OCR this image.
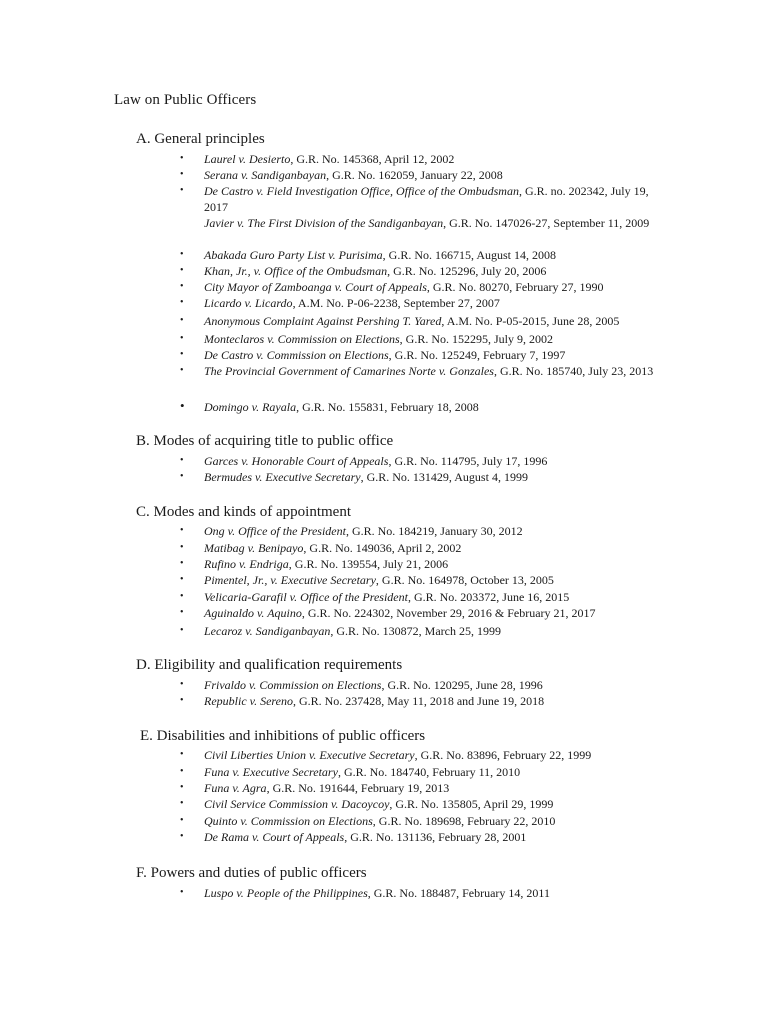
Law on Public Officers
A. General principles
• Laurel v. Desierto, G.R. No. 145368, April 12, 2002
• Serana v. Sandiganbayan, G.R. No. 162059, January 22, 2008
• De Castro v. Field Investigation Office, Office of the Ombudsman, G.R. no. 202342, July 19, 2017
Javier v. The First Division of the Sandiganbayan, G.R. No. 147026-27, September 11, 2009
• Abakada Guro Party List v. Purisima, G.R. No. 166715, August 14, 2008
• Khan, Jr., v. Office of the Ombudsman, G.R. No. 125296, July 20, 2006
• City Mayor of Zamboanga v. Court of Appeals, G.R. No. 80270, February 27, 1990
• Licardo v. Licardo, A.M. No. P-06-2238, September 27, 2007
• Anonymous Complaint Against Pershing T. Yared, A.M. No. P-05-2015, June 28, 2005
• Monteclaros v. Commission on Elections, G.R. No. 152295, July 9, 2002
• De Castro v. Commission on Elections, G.R. No. 125249, February 7, 1997
• The Provincial Government of Camarines Norte v. Gonzales, G.R. No. 185740, July 23, 2013
• Domingo v. Rayala, G.R. No. 155831, February 18, 2008
B. Modes of acquiring title to public office
• Garces v. Honorable Court of Appeals, G.R. No. 114795, July 17, 1996
• Bermudes v. Executive Secretary, G.R. No. 131429, August 4, 1999
C. Modes and kinds of appointment
• Ong v. Office of the President, G.R. No. 184219, January 30, 2012
• Matibag v. Benipayo, G.R. No. 149036, April 2, 2002
• Rufino v. Endriga, G.R. No. 139554, July 21, 2006
• Pimentel, Jr., v. Executive Secretary, G.R. No. 164978, October 13, 2005
• Velicaria-Garafil v. Office of the President, G.R. No. 203372, June 16, 2015
• Aguinaldo v. Aquino, G.R. No. 224302, November 29, 2016 & February 21, 2017
• Lecaroz v. Sandiganbayan, G.R. No. 130872, March 25, 1999
D. Eligibility and qualification requirements
• Frivaldo v. Commission on Elections, G.R. No. 120295, June 28, 1996
• Republic v. Sereno, G.R. No. 237428, May 11, 2018 and June 19, 2018
E. Disabilities and inhibitions of public officers
• Civil Liberties Union v. Executive Secretary, G.R. No. 83896, February 22, 1999
• Funa v. Executive Secretary, G.R. No. 184740, February 11, 2010
• Funa v. Agra, G.R. No. 191644, February 19, 2013
• Civil Service Commission v. Dacoycoy, G.R. No. 135805, April 29, 1999
• Quinto v. Commission on Elections, G.R. No. 189698, February 22, 2010
• De Rama v. Court of Appeals, G.R. No. 131136, February 28, 2001
F. Powers and duties of public officers
• Luspo v. People of the Philippines, G.R. No. 188487, February 14, 2011
